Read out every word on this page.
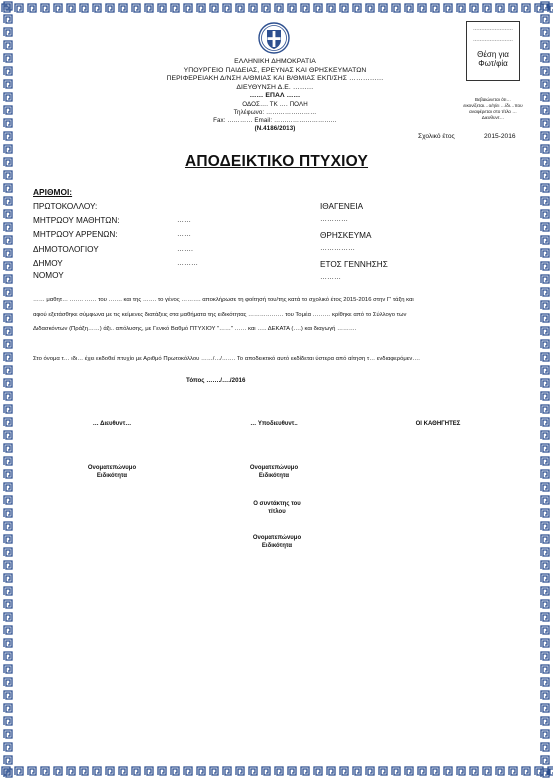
ΕΛΛΗΝΙΚΗ ΔΗΜΟΚΡΑΤΙΑ
ΥΠΟΥΡΓΕΙΟ ΠΑΙΔΕΙΑΣ, ΕΡΕΥΝΑΣ ΚΑΙ ΘΡΗΣΚΕΥΜΑΤΩΝ
ΠΕΡΙΦΕΡΕΙΑΚΗ Δ/ΝΣΗ Α/ΘΜΙΑΣ ΚΑΙ Β/ΘΜΙΑΣ ΕΚΠ/ΣΗΣ ……………
ΔΙΕΥΘΥΝΣΗ Δ.Ε. ………
…… ΕΠΑΛ ……
ΟΔΟΣ…. ΤΚ …. ΠΟΛΗ
Τηλέφωνο: ……………………
Fax: ………… Email: …………………………
(Ν.4186/2013)
……………………
……………………
Θέση για
Φωτ/φία
Βεβαιώνεται ότι… εικονίζεται…ο/η/ει …ίδι…που αναφέρεται στο τίτλο …Διευθυντ…
Σχολικό έτος	2015-2016
ΑΠΟΔΕΙΚΤΙΚΟ ΠΤΥΧΙΟΥ
ΑΡΙΘΜΟΙ:
ΠΡΩΤΟΚΟΛΛΟΥ:
ΜΗΤΡΩΟΥ ΜΑΘΗΤΩΝ:	……
ΜΗΤΡΩΟΥ ΑΡΡΕΝΩΝ:	……
ΔΗΜΟΤΟΛΟΓΙΟΥ	…….
ΔΗΜΟΥ	………
ΝΟΜΟΥ
ΙΘΑΓΕΝΕΙΑ
…………
ΘΡΗΣΚΕΥΜΑ
……………
ΕΤΟΣ ΓΕΝΝΗΣΗΣ
………
…… μαθητ… ……. …… του ……. και της ……. το γένος ………. αποκλήρωσε τη φοίτησή του/της κατά το σχολικό έτος 2015-2016 στην Γ' τάξη και
αφού εξετάσθηκε σύμφωνα με τις κείμενες διατάξεις στα μαθήματα της ειδικότητας ……………… του Τομέα ……… κρίθηκε από το Σύλλογο των
Διδασκόντων (Πράξη……) άξι.. απόλυσης, με Γενικό Βαθμό ΠΤΥΧΙΟΥ "……" …… και ….. ΔΕΚΑΤΑ (….) και διαγωγή ……….
Στο όνομα τ… ιδι… έχει εκδοθεί πτυχίο με Αριθμό Πρωτοκόλλου ……/…/……. Το αποδεικτικό αυτό εκδίδεται ύστερα από αίτηση τ… ενδιαφερόμεν….
Τόπος ……./…./2016
… Διευθυντ…	… Υποδιευθυντ..	ΟΙ ΚΑΘΗΓΗΤΕΣ
Ονοματεπώνυμο
Ειδικότητα
Ονοματεπώνυμο
Ειδικότητα
Ο συντάκτης του
τίτλου
Ονοματεπώνυμο
Ειδικότητα
